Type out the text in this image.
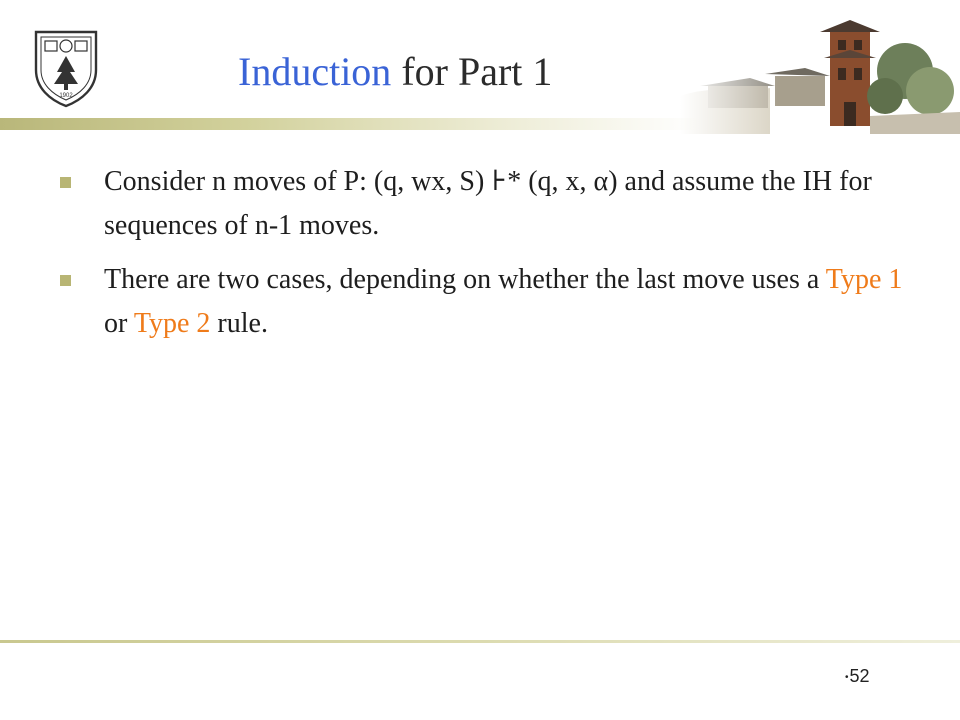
1902
Induction for Part 1
Consider n moves of P: (q, wx, S) ⊦* (q, x, α) and assume the IH for sequences of n-1 moves.
There are two cases, depending on whether the last move uses a Type 1 or Type 2 rule.
•52
